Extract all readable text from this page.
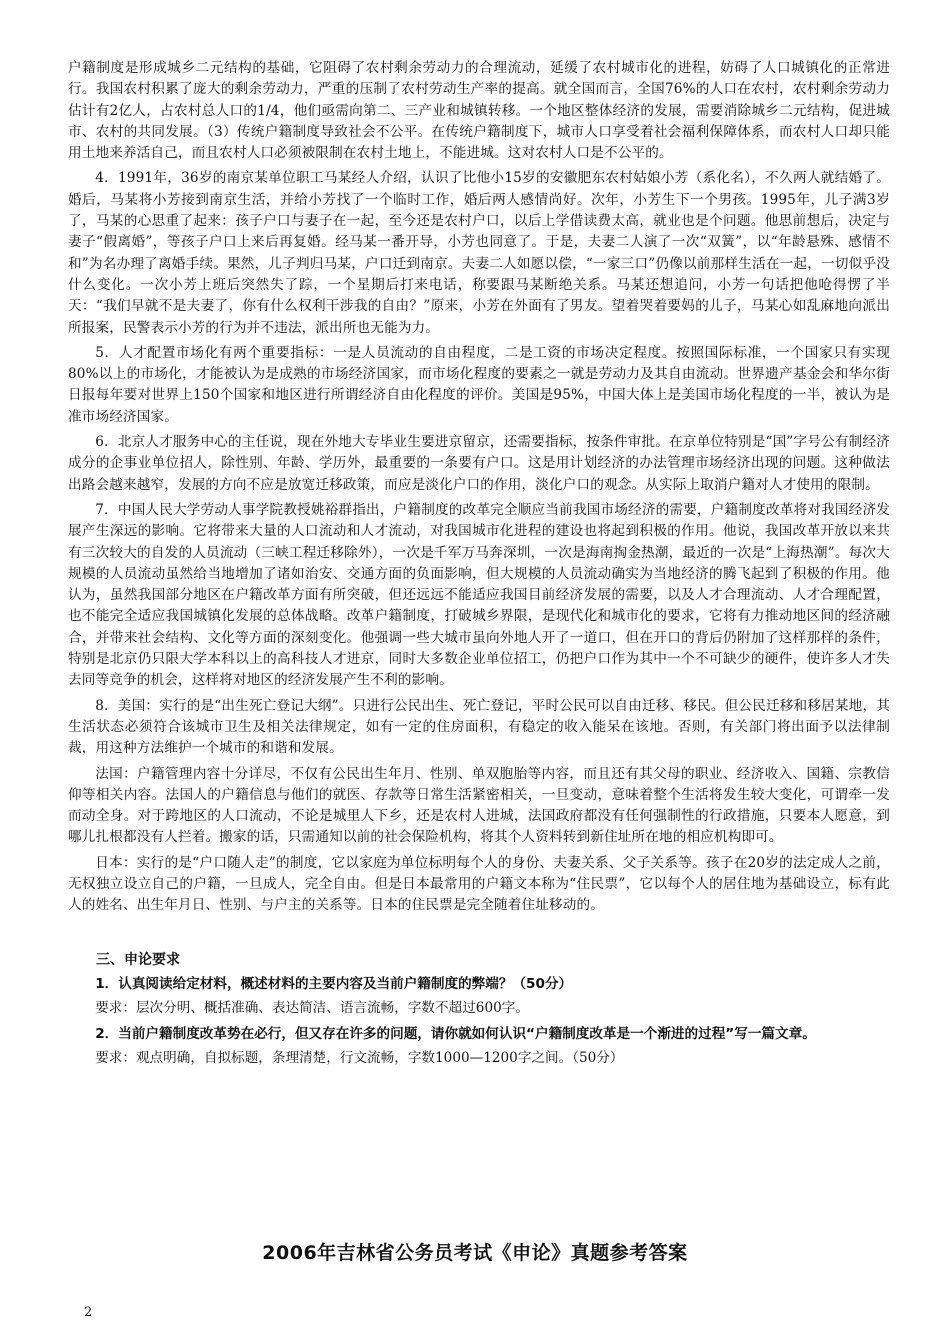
户籍制度是形成城乡二元结构的基础，它阻碍了农村剩余劳动力的合理流动，延缓了农村城市化的进程，妨碍了人口城镇化的正常进行。我国农村积累了庞大的剩余劳动力，严重的压制了农村劳动生产率的提高。就全国而言，全国76%的人口在农村，农村剩余劳动力估计有2亿人，占农村总人口的1/4，他们亟需向第二、三产业和城镇转移。一个地区整体经济的发展，需要消除城乡二元结构，促进城市、农村的共同发展。（3）传统户籍制度导致社会不公平。在传统户籍制度下，城市人口享受着社会福利保障体系，而农村人口却只能用土地来养活自己，而且农村人口必须被限制在农村土地上，不能进城。这对农村人口是不公平的。

4．1991年，36岁的南京某单位职工马某经人介绍，认识了比他小15岁的安徽肥东农村姑娘小芳（系化名），不久两人就结婚了。婚后，马某将小芳接到南京生活，并给小芳找了一个临时工作，婚后两人感情尚好。次年，小芳生下一个男孩。1995年，儿子满3岁了，马某的心思重了起来：孩子户口与妻子在一起，至今还是农村户口，以后上学借读费太高，就业也是个问题。他思前想后，决定与妻子“假离婚”，等孩子户口上来后再复婚。经马某一番开导，小芳也同意了。于是，夫妻二人演了一次“双簧”，以“年龄悬殊、感情不和”为名办理了离婚手续。果然，儿子判归马某，户口迁到南京。夫妻二人如愿以偿，“一家三口”仍像以前那样生活在一起，一切似乎没什么变化。一次小芳上班后突然失了踪，一个星期后打来电话，称要跟马某断绝关系。马某还想追问，小芳一句话把他呛得愣了半天：“我们早就不是夫妻了，你有什么权利干涉我的自由？”原来，小芳在外面有了男友。望着哭着要妈的儿子，马某心如乱麻地向派出所报案，民警表示小芳的行为并不违法，派出所也无能为力。

5．人才配置市场化有两个重要指标：一是人员流动的自由程度，二是工资的市场决定程度。按照国际标准，一个国家只有实现80%以上的市场化，才能被认为是成熟的市场经济国家，而市场化程度的要素之一就是劳动力及其自由流动。世界遗产基金会和华尔街日报每年要对世界上150个国家和地区进行所谓经济自由化程度的评价。美国是95%，中国大体上是美国市场化程度的一半，被认为是准市场经济国家。

6．北京人才服务中心的主任说，现在外地大专毕业生要进京留京，还需要指标，按条件审批。在京单位特别是“国”字号公有制经济成分的企事业单位招人，除性别、年龄、学历外，最重要的一条要有户口。这是用计划经济的办法管理市场经济出现的问题。这种做法出路会越来越窄，发展的方向不应是放宽迁移政策，而应是淡化户口的作用，淡化户口的观念。从实际上取消户籍对人才使用的限制。

7．中国人民大学劳动人事学院教授姚裕群指出，户籍制度的改革完全顺应当前我国市场经济的需要，户籍制度改革将对我国经济发展产生深远的影响。它将带来大量的人口流动和人才流动，对我国城市化进程的建设也将起到积极的作用。他说，我国改革开放以来共有三次较大的自发的人员流动（三峡工程迁移除外），一次是千军万马奔深圳，一次是海南掏金热潮，最近的一次是“上海热潮”。每次大规模的人员流动虽然给当地增加了诸如治安、交通方面的负面影响，但大规模的人员流动确实为当地经济的腾飞起到了积极的作用。他认为，虽然我国部分地区在户籍改革方面有所突破，但还远远不能适应我国目前经济发展的需要，以及人才合理流动、人才合理配置，也不能完全适应我国城镇化发展的总体战略。改革户籍制度，打破城乡界限，是现代化和城市化的要求，它将有力推动地区间的经济融合，并带来社会结构、文化等方面的深刻变化。他强调一些大城市虽向外地人开了一道口，但在开口的背后仍附加了这样那样的条件，特别是北京仍只限大学本科以上的高科技人才进京，同时大多数企业单位招工，仍把户口作为其中一个不可缺少的硬件，使许多人才失去同等竞争的机会，这样将对地区的经济发展产生不利的影响。

8．美国：实行的是“出生死亡登记大纲”。只进行公民出生、死亡登记，平时公民可以自由迁移、移民。但公民迁移和移居某地，其生活状态必须符合该城市卫生及相关法律规定，如有一定的住房面积，有稳定的收入能呆在该地。否则，有关部门将出面予以法律制裁，用这种方法维护一个城市的和谐和发展。

法国：户籍管理内容十分详尽，不仅有公民出生年月、性别、单双胞胎等内容，而且还有其父母的职业、经济收入、国籍、宗教信仰等相关内容。法国人的户籍信息与他们的就医、存款等日常生活紧密相关，一旦变动，意味着整个生活将发生较大变化，可谓牵一发而动全身。对于跨地区的人口流动，不论是城里人下乡，还是农村人进城，法国政府都没有任何强制性的行政措施，只要本人愿意，到哪儿扎根都没有人拦着。搬家的话，只需通知以前的社会保险机构，将其个人资料转到新住址所在地的相应机构即可。

日本：实行的是“户口随人走”的制度，它以家庭为单位标明每个人的身份、夫妻关系、父子关系等。孩子在20岁的法定成人之前，无权独立设立自己的户籍，一旦成人，完全自由。但是日本最常用的户籍文本称为“住民票”，它以每个人的居住地为基础设立，标有此人的姓名、出生年月日、性别、与户主的关系等。日本的住民票是完全随着住址移动的。

三、申论要求
1．认真阅读给定材料，概述材料的主要内容及当前户籍制度的弊端？（50分）
要求：层次分明、概括准确、表达简洁、语言流畅，字数不超过600字。
2．当前户籍制度改革势在必行，但又存在许多的问题，请你就如何认识“户籍制度改革是一个渐进的过程”写一篇文章。
要求：观点明确，自拟标题，条理清楚，行文流畅，字数1000—1200字之间。（50分）
2006年吉林省公务员考试《申论》真题参考答案
2
